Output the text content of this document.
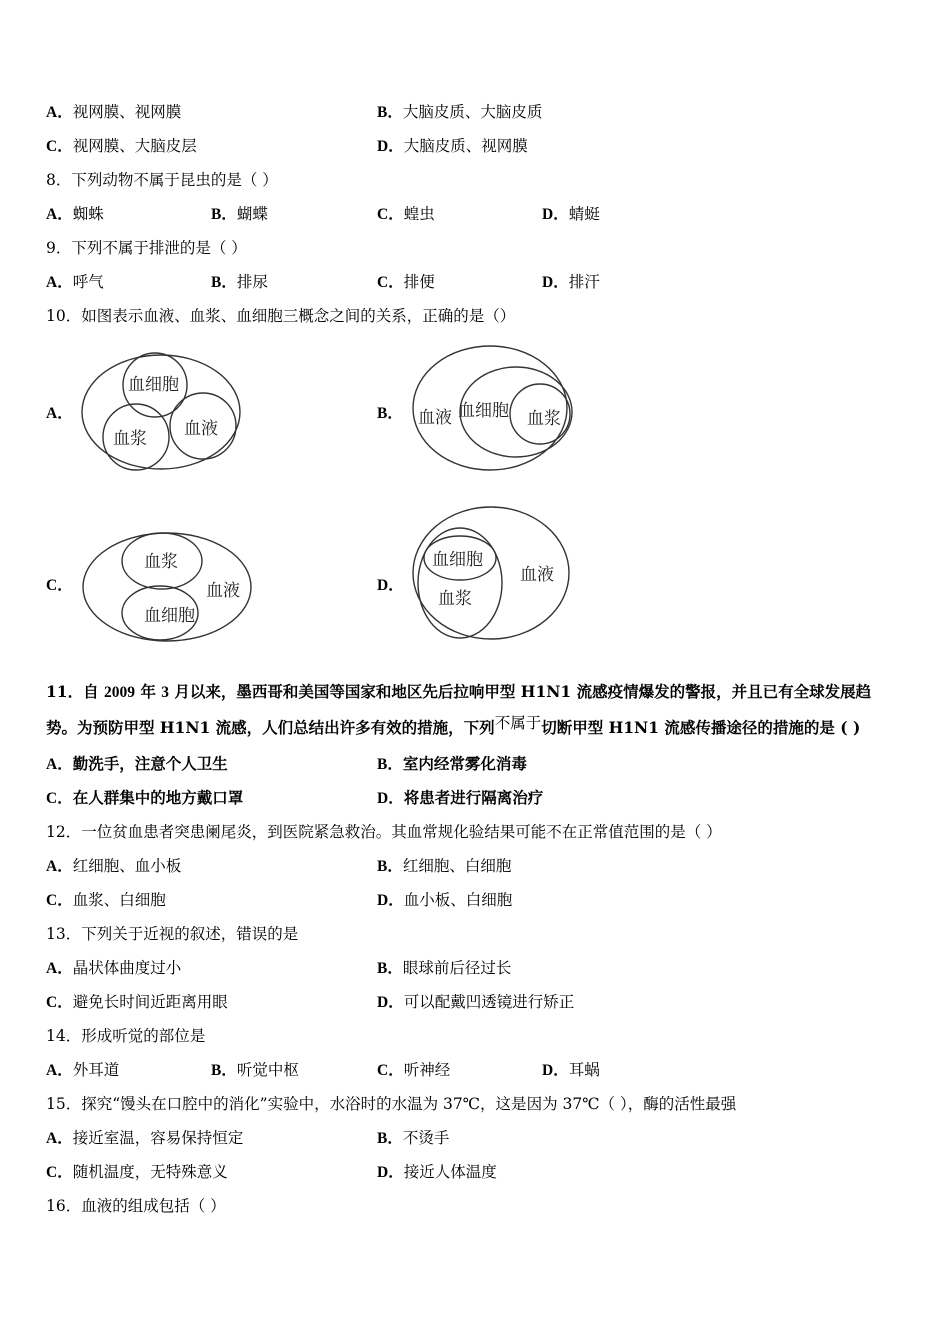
A．视网膜、视网膜	B．大脑皮质、大脑皮质
C．视网膜、大脑皮层	D．大脑皮质、视网膜
8．下列动物不属于昆虫的是（ ）
A．蜘蛛	B．蝴蝶	C．蝗虫	D．蜻蜓
9．下列不属于排泄的是（ ）
A．呼气	B．排尿	C．排便	D．排汗
10．如图表示血液、血浆、血细胞三概念之间的关系，正确的是（）
A．
血细胞
血浆 血液
B． 血液 血细胞 血浆
C．
血浆
血液
血细胞
D．
血细胞
血液
血浆
11．自 2009 年 3 月以来，墨西哥和美国等国家和地区先后拉响甲型 H1N1 流感疫情爆发的警报，并且已有全球发展趋
势。为预防甲型 H1N1 流感，人们总结出许多有效的措施，下列不属于切断甲型 H1N1 流感传播途径的措施的是 ( )
A．勤洗手，注意个人卫生	B．室内经常雾化消毒
C．在人群集中的地方戴口罩	D．将患者进行隔离治疗
12．一位贫血患者突患阑尾炎，到医院紧急救治。其血常规化验结果可能不在正常值范围的是（ ）
A．红细胞、血小板	B．红细胞、白细胞
C．血浆、白细胞	D．血小板、白细胞
13．下列关于近视的叙述，错误的是
A．晶状体曲度过小	B．眼球前后径过长
C．避免长时间近距离用眼	D．可以配戴凹透镜进行矫正
14．形成听觉的部位是
A．外耳道	B．听觉中枢	C．听神经	D．耳蜗
15．探究“馒头在口腔中的消化”实验中，水浴时的水温为 37℃，这是因为 37℃（ ），酶的活性最强
A．接近室温，容易保持恒定	B．不烫手
C．随机温度，无特殊意义	D．接近人体温度
16．血液的组成包括（ ）
